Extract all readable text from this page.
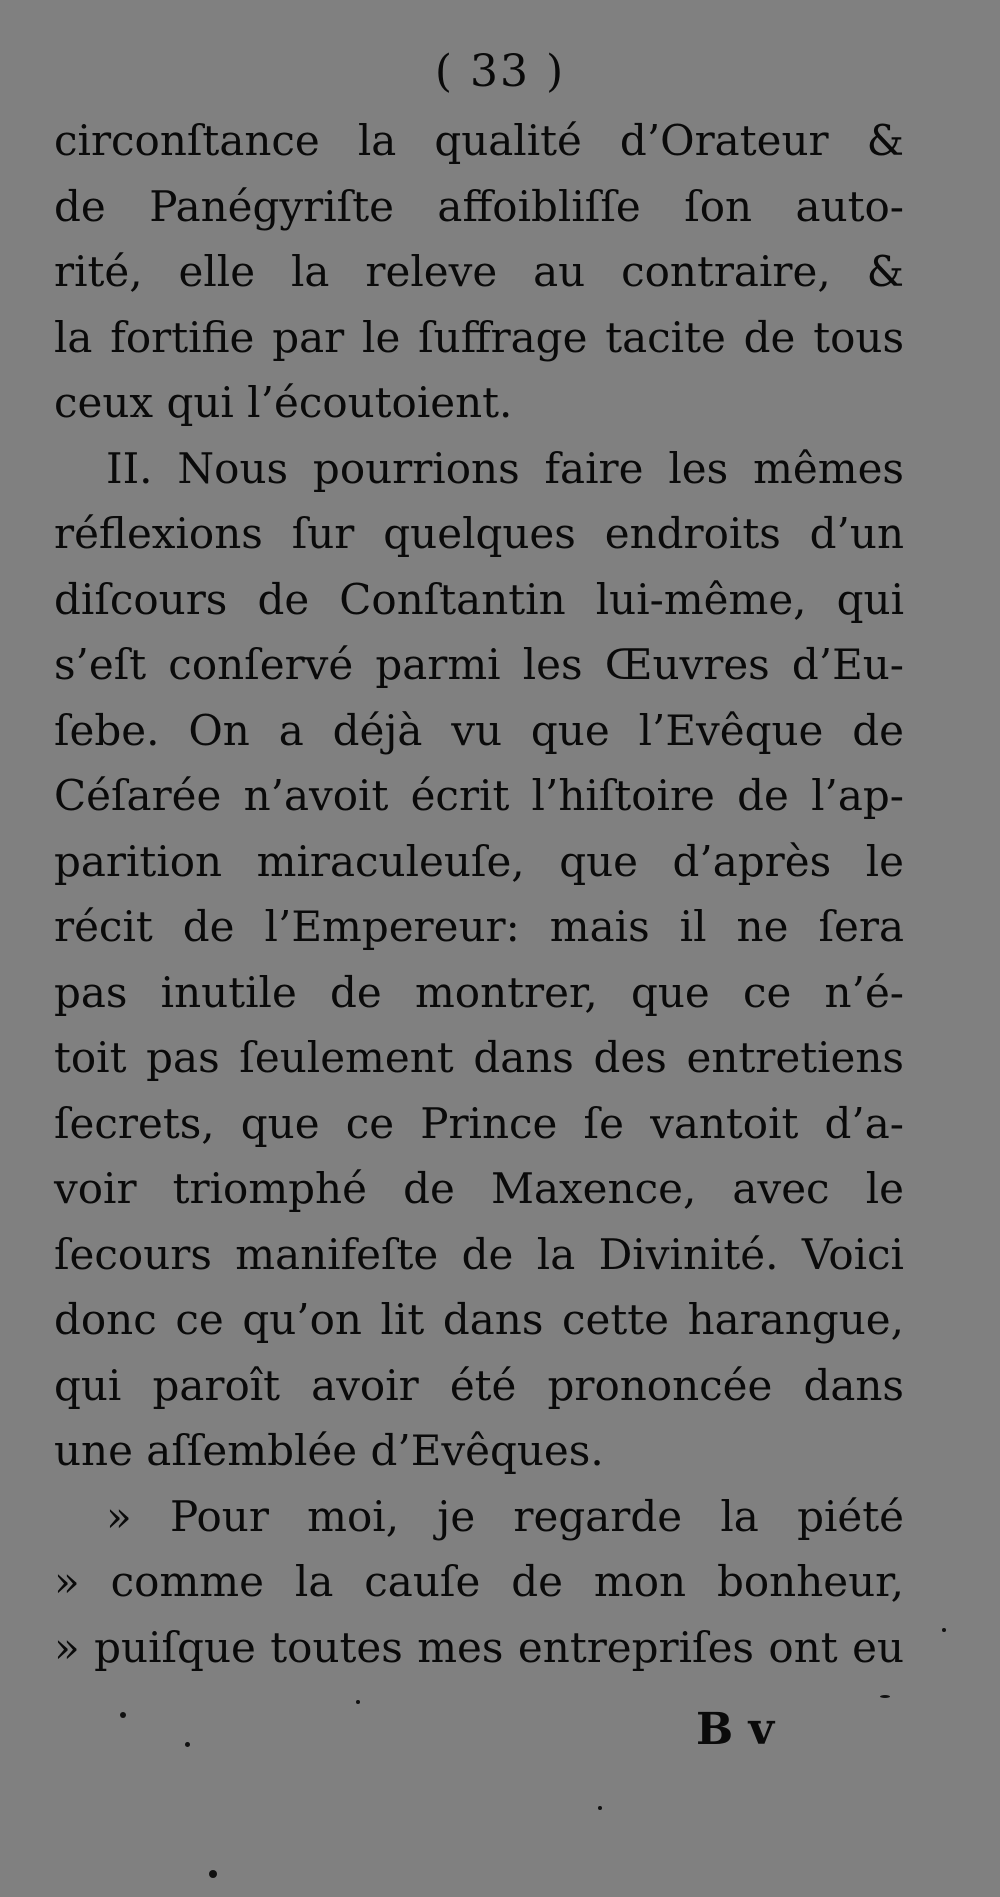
( 33 )
circonſtance la qualité d’Orateur &
de Panégyriſte affoibliſſe ſon auto-
rité, elle la releve au contraire, &
la fortifie par le ſuffrage tacite de tous
ceux qui l’écoutoient.
II. Nous pourrions faire les mêmes
réflexions ſur quelques endroits d’un
diſcours de Conſtantin lui-même, qui
s’eſt conſervé parmi les Œuvres d’Eu-
ſebe. On a déjà vu que l’Evêque de
Céſarée n’avoit écrit l’hiſtoire de l’ap-
parition miraculeuſe, que d’après le
récit de l’Empereur: mais il ne ſera
pas inutile de montrer, que ce n’é-
toit pas ſeulement dans des entretiens
ſecrets, que ce Prince ſe vantoit d’a-
voir triomphé de Maxence, avec le
ſecours manifeſte de la Divinité. Voici
donc ce qu’on lit dans cette harangue,
qui paroît avoir été prononcée dans
une aſſemblée d’Evêques.
» Pour moi, je regarde la piété
» comme la cauſe de mon bonheur,
» puiſque toutes mes entrepriſes ont eu
B v
